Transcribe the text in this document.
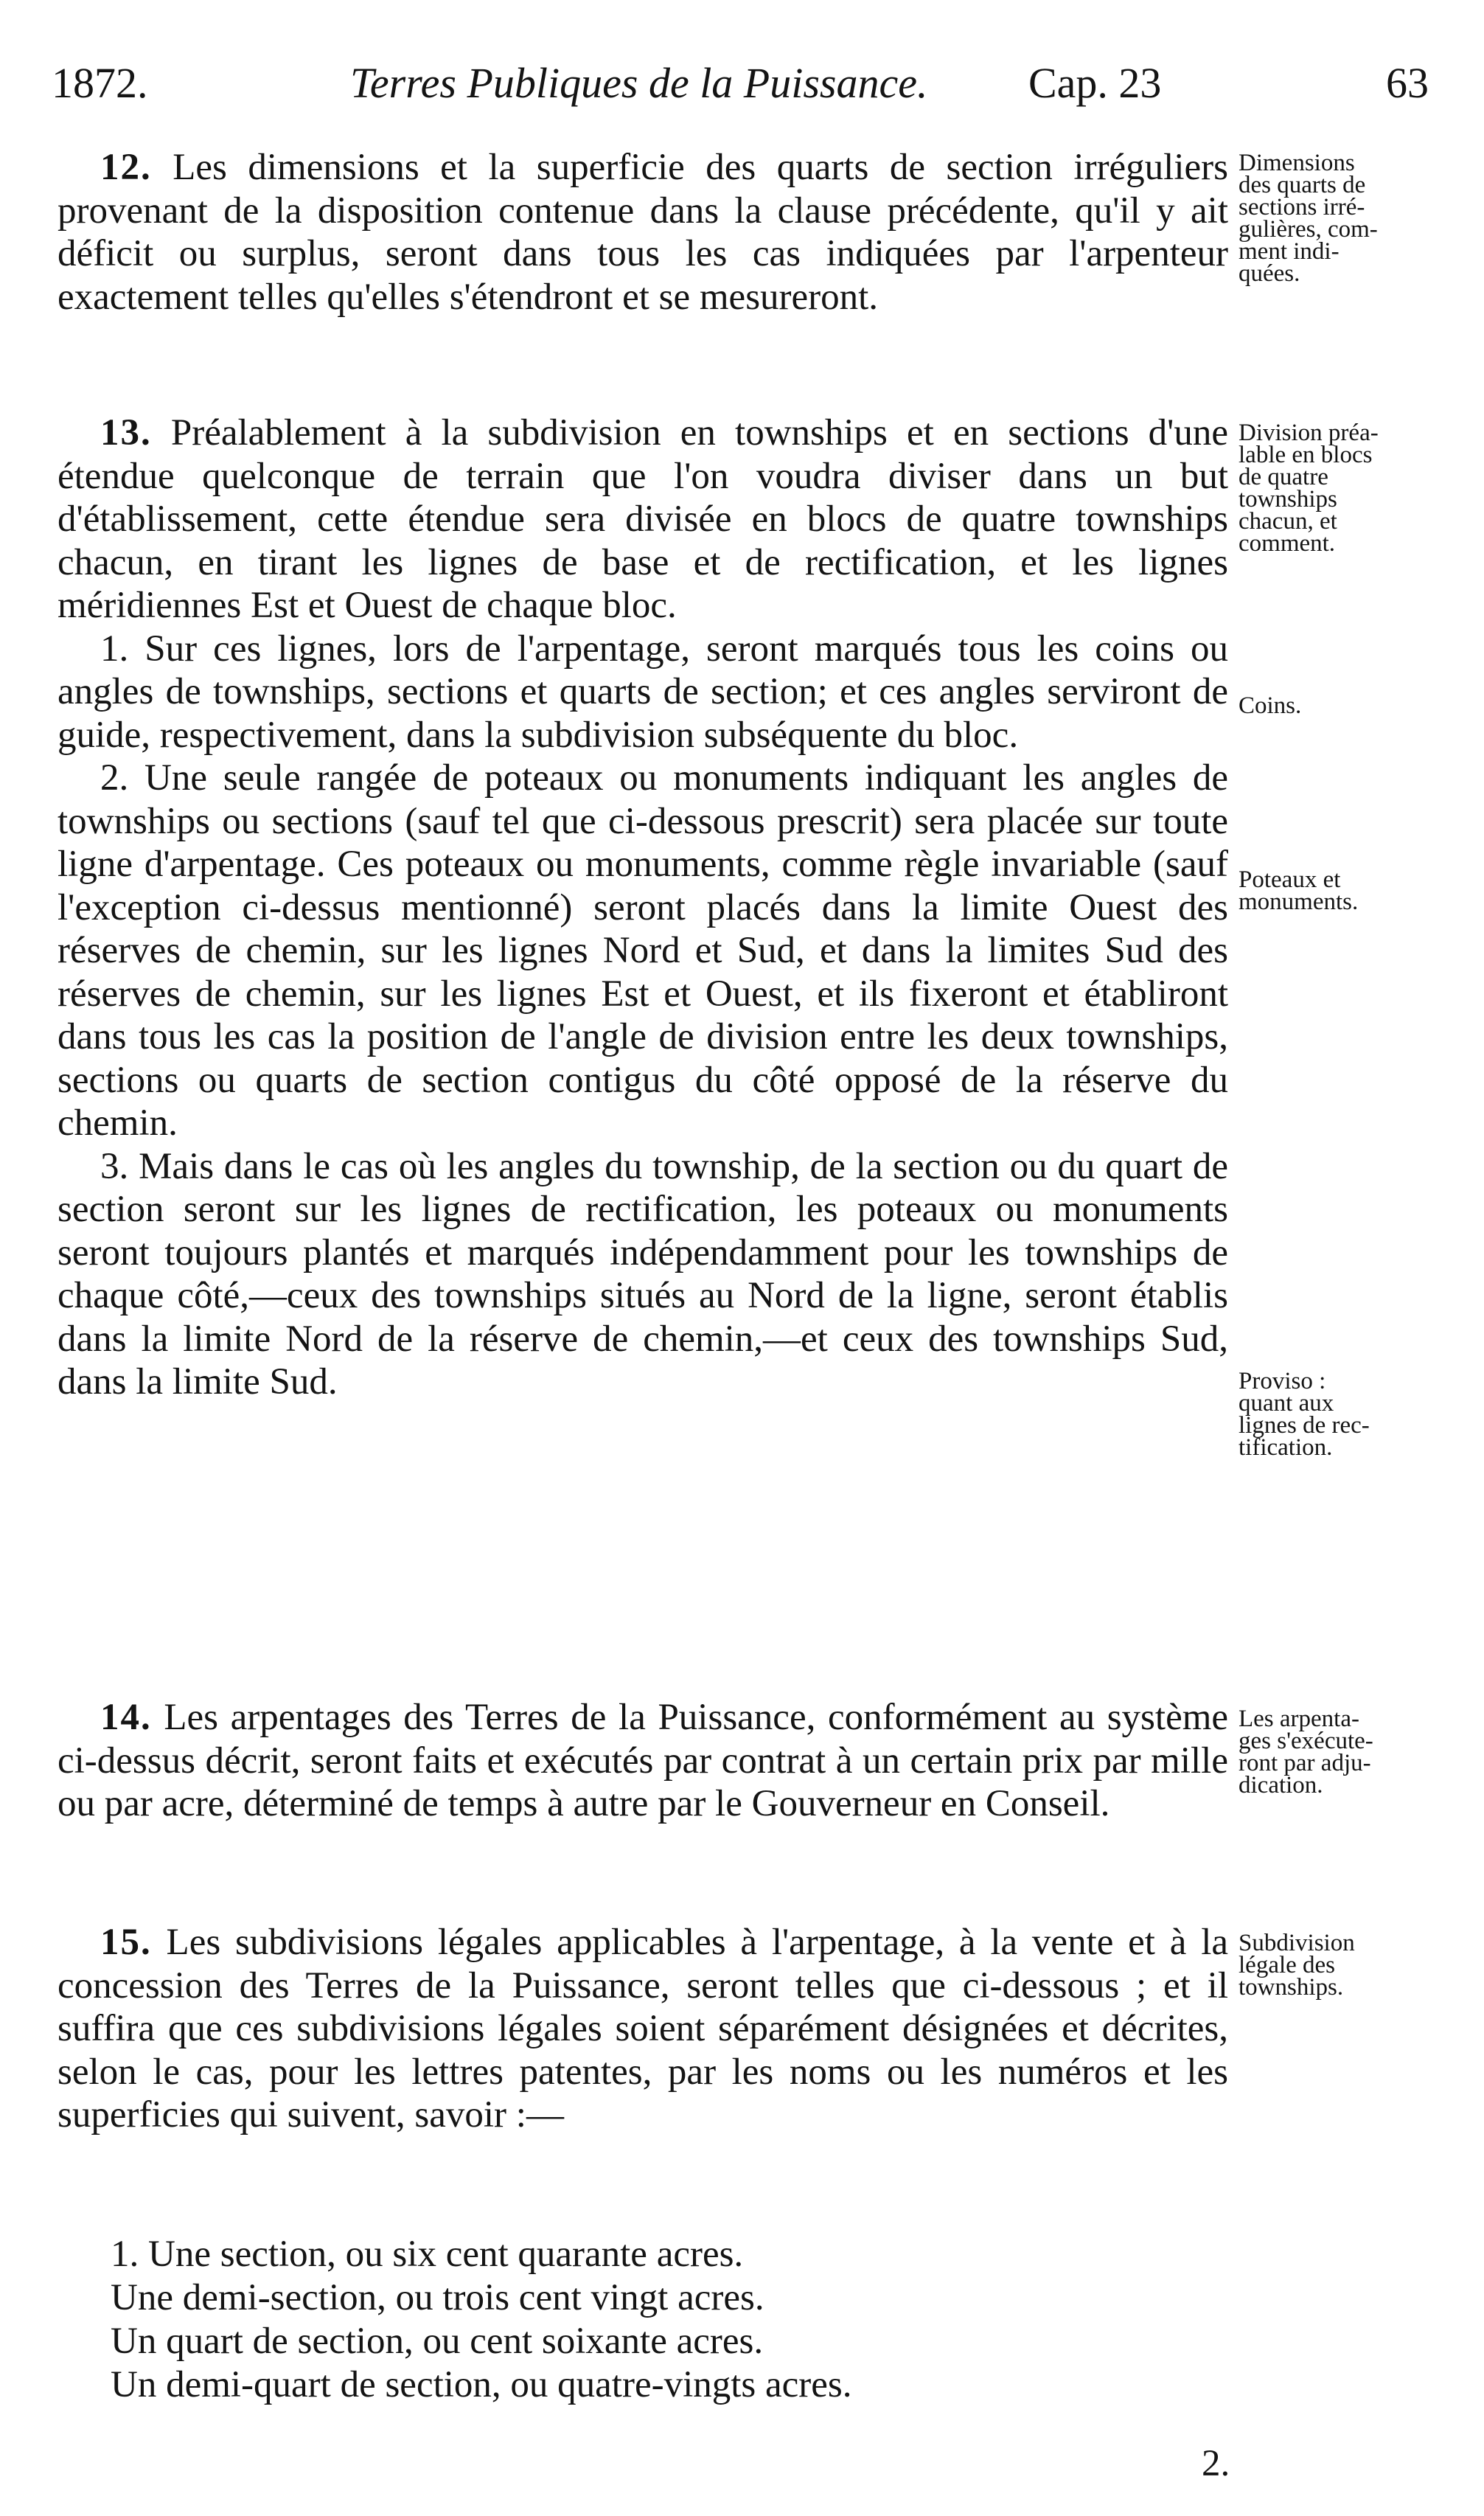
1872.	Terres Publiques de la Puissance. Cap. 23	63

12. Les dimensions et la superficie des quarts de section irréguliers provenant de la disposition contenue dans la clause précédente, qu'il y ait déficit ou surplus, seront dans tous les cas indiquées par l'arpenteur exactement telles qu'elles s'étendront et se mesureront.

13. Préalablement à la subdivision en townships et en sections d'une étendue quelconque de terrain que l'on voudra diviser dans un but d'établissement, cette étendue sera divisée en blocs de quatre townships chacun, en tirant les lignes de base et de rectification, et les lignes méridiennes Est et Ouest de chaque bloc.

1. Sur ces lignes, lors de l'arpentage, seront marqués tous les coins ou angles de townships, sections et quarts de section; et ces angles serviront de guide, respectivement, dans la subdivision subséquente du bloc.

2. Une seule rangée de poteaux ou monuments indiquant les angles de townships ou sections (sauf tel que ci-dessous prescrit) sera placée sur toute ligne d'arpentage. Ces poteaux ou monuments, comme règle invariable (sauf l'exception ci-dessus mentionné) seront placés dans la limite Ouest des réserves de chemin, sur les lignes Nord et Sud, et dans la limites Sud des réserves de chemin, sur les lignes Est et Ouest, et ils fixeront et établiront dans tous les cas la position de l'angle de division entre les deux townships, sections ou quarts de section contigus du côté opposé de la réserve du chemin.

3. Mais dans le cas où les angles du township, de la section ou du quart de section seront sur les lignes de rectification, les poteaux ou monuments seront toujours plantés et marqués indépendamment pour les townships de chaque côté,—ceux des townships situés au Nord de la ligne, seront établis dans la limite Nord de la réserve de chemin,—et ceux des townships Sud, dans la limite Sud.

14. Les arpentages des Terres de la Puissance, conformément au système ci-dessus décrit, seront faits et exécutés par contrat à un certain prix par mille ou par acre, déterminé de temps à autre par le Gouverneur en Conseil.

15. Les subdivisions légales applicables à l'arpentage, à la vente et à la concession des Terres de la Puissance, seront telles que ci-dessous ; et il suffira que ces subdivisions légales soient séparément désignées et décrites, selon le cas, pour les lettres patentes, par les noms ou les numéros et les superficies qui suivent, savoir :—

Dimensions
des quarts de
sections irré-
gulières, com-
ment indi-
quées.
Division préa-
lable en blocs
de quatre
townships
chacun, et
comment.
Coins.
Poteaux et
monuments.
Proviso :
quant aux
lignes de rec-
tification.
Les arpenta-
ges s'exécute-
ront par adju-
dication.
Subdivision
légale des
townships.
1. Une section, ou six cent quarante acres.
Une demi-section, ou trois cent vingt acres.
Un quart de section, ou cent soixante acres.
Un demi-quart de section, ou quatre-vingts acres.
2.
